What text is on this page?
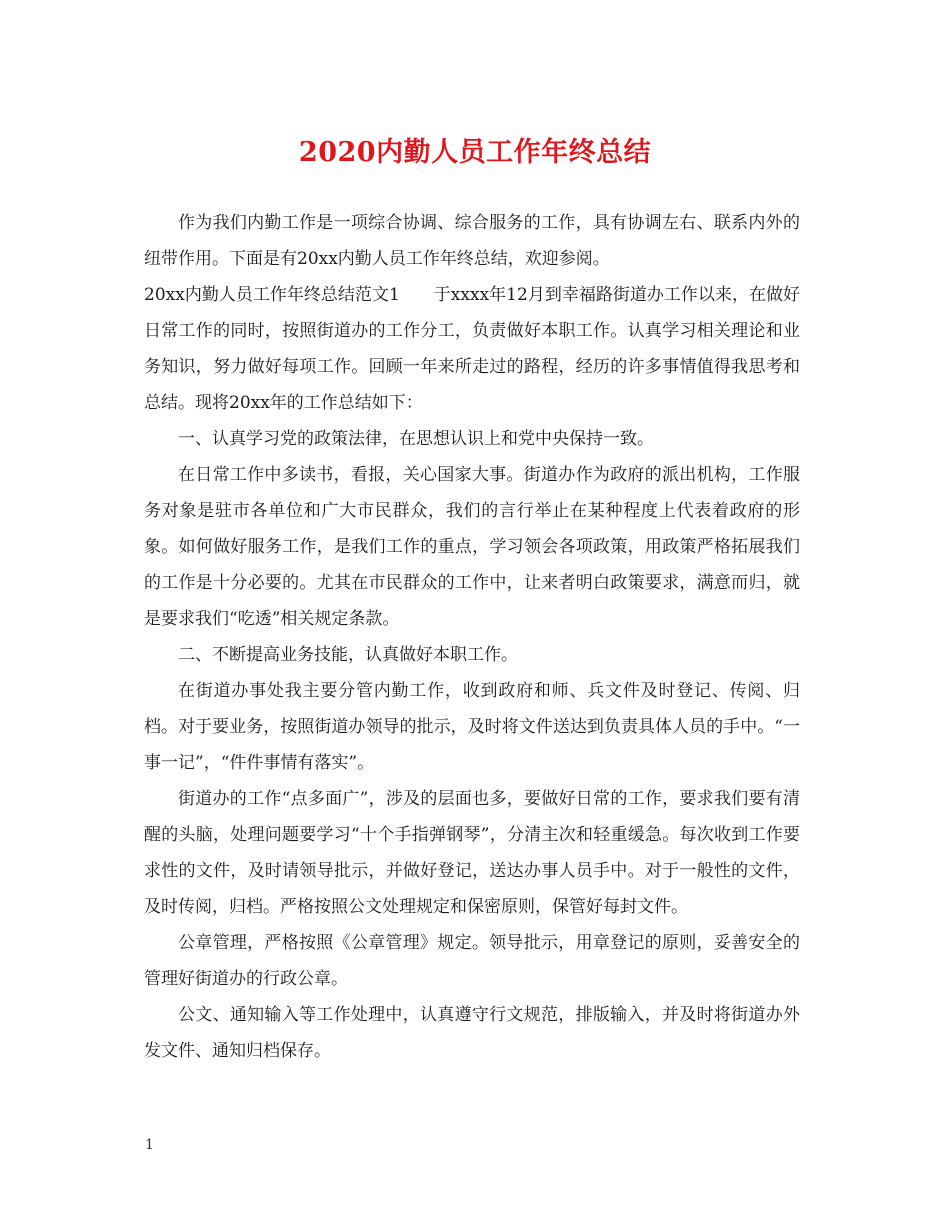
2020内勤人员工作年终总结

作为我们内勤工作是一项综合协调、综合服务的工作，具有协调左右、联系内外的纽带作用。下面是有20xx内勤人员工作年终总结，欢迎参阅。

20xx内勤人员工作年终总结范文1　　于xxxx年12月到幸福路街道办工作以来，在做好日常工作的同时，按照街道办的工作分工，负责做好本职工作。认真学习相关理论和业务知识，努力做好每项工作。回顾一年来所走过的路程，经历的许多事情值得我思考和总结。现将20xx年的工作总结如下：

一、认真学习党的政策法律，在思想认识上和党中央保持一致。

在日常工作中多读书，看报，关心国家大事。街道办作为政府的派出机构，工作服务对象是驻市各单位和广大市民群众，我们的言行举止在某种程度上代表着政府的形象。如何做好服务工作，是我们工作的重点，学习领会各项政策，用政策严格拓展我们的工作是十分必要的。尤其在市民群众的工作中，让来者明白政策要求，满意而归，就是要求我们“吃透”相关规定条款。

二、不断提高业务技能，认真做好本职工作。

在街道办事处我主要分管内勤工作，收到政府和师、兵文件及时登记、传阅、归档。对于要业务，按照街道办领导的批示，及时将文件送达到负责具体人员的手中。“一事一记”，“件件事情有落实”。

街道办的工作“点多面广”，涉及的层面也多，要做好日常的工作，要求我们要有清醒的头脑，处理问题要学习“十个手指弹钢琴”，分清主次和轻重缓急。每次收到工作要求性的文件，及时请领导批示，并做好登记，送达办事人员手中。对于一般性的文件，及时传阅，归档。严格按照公文处理规定和保密原则，保管好每封文件。

公章管理，严格按照《公章管理》规定。领导批示，用章登记的原则，妥善安全的管理好街道办的行政公章。

公文、通知输入等工作处理中，认真遵守行文规范，排版输入，并及时将街道办外发文件、通知归档保存。

1
